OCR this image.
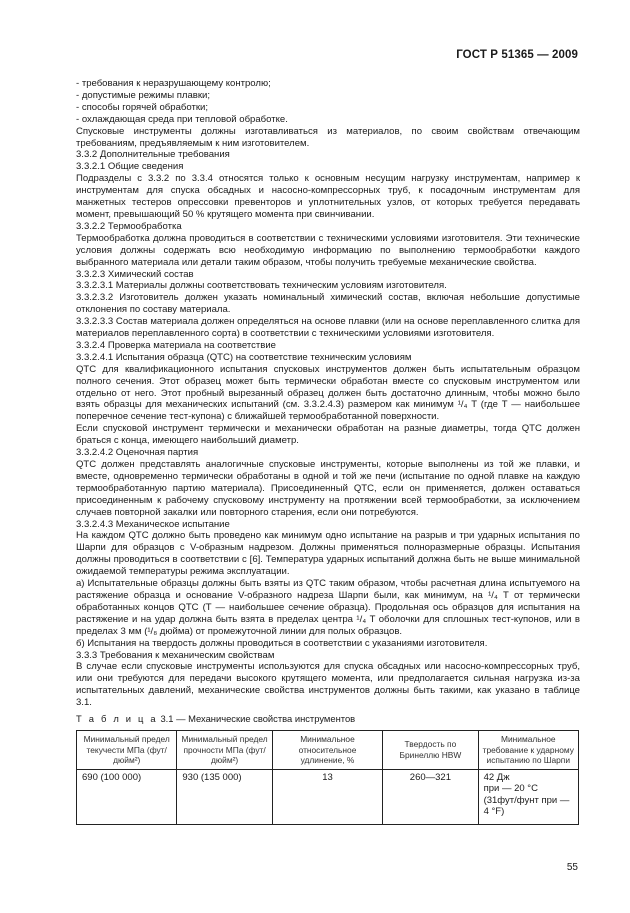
ГОСТ Р 51365 — 2009

- требования к неразрушающему контролю;

- допустимые режимы плавки;

- способы горячей обработки;

- охлаждающая среда при тепловой обработке.

Спусковые инструменты должны изготавливаться из материалов, по своим свойствам отвечающим требованиям, предъявляемым к ним изготовителем.

3.3.2 Дополнительные требования

3.3.2.1 Общие сведения

Подразделы с 3.3.2 по 3.3.4 относятся только к основным несущим нагрузку инструментам, например к инструментам для спуска обсадных и насосно-компрессорных труб, к посадочным инструментам для манжетных тестеров опрессовки превенторов и уплотнительных узлов, от которых требуется передавать момент, превышающий 50 % крутящего момента при свинчивании.

3.3.2.2 Термообработка

Термообработка должна проводиться в соответствии с техническими условиями изготовителя. Эти технические условия должны содержать всю необходимую информацию по выполнению термообработки каждого выбранного материала или детали таким образом, чтобы получить требуемые механические свойства.

3.3.2.3 Химический состав

3.3.2.3.1 Материалы должны соответствовать техническим условиям изготовителя.

3.3.2.3.2 Изготовитель должен указать номинальный химический состав, включая небольшие допустимые отклонения по составу материала.

3.3.2.3.3 Состав материала должен определяться на основе плавки (или на основе переплавленного слитка для материалов переплавленного сорта) в соответствии с техническими условиями изготовителя.

3.3.2.4 Проверка материала на соответствие

3.3.2.4.1 Испытания образца (QTC) на соответствие техническим условиям

QTC для квалификационного испытания спусковых инструментов должен быть испытательным образцом полного сечения. Этот образец может быть термически обработан вместе со спусковым инструментом или отдельно от него. Этот пробный вырезанный образец должен быть достаточно длинным, чтобы можно было взять образцы для механических испытаний (см. 3.3.2.4.3) размером как минимум ¹/₄ T (где T — наибольшее поперечное сечение тест-купона) с ближайшей термообработанной поверхности.

Если спусковой инструмент термически и механически обработан на разные диаметры, тогда QTC должен браться с конца, имеющего наибольший диаметр.

3.3.2.4.2 Оценочная партия

QTC должен представлять аналогичные спусковые инструменты, которые выполнены из той же плавки, и вместе, одновременно термически обработаны в одной и той же печи (испытание по одной плавке на каждую термообработанную партию материала). Присоединенный QTC, если он применяется, должен оставаться присоединенным к рабочему спусковому инструменту на протяжении всей термообработки, за исключением случаев повторной закалки или повторного старения, если они потребуются.

3.3.2.4.3 Механическое испытание

На каждом QTC должно быть проведено как минимум одно испытание на разрыв и три ударных испытания по Шарпи для образцов с V-образным надрезом. Должны применяться полноразмерные образцы. Испытания должны проводиться в соответствии с [6]. Температура ударных испытаний должна быть не выше минимальной ожидаемой температуры режима эксплуатации.

а) Испытательные образцы должны быть взяты из QTC таким образом, чтобы расчетная длина испытуемого на растяжение образца и основание V-образного надреза Шарпи были, как минимум, на ¹/₄ T от термически обработанных концов QTC (T — наибольшее сечение образца). Продольная ось образцов для испытания на растяжение и на удар должна быть взята в пределах центра ¹/₄ T оболочки для сплошных тест-купонов, или в пределах 3 мм (¹/₈ дюйма) от промежуточной линии для полых образцов.

б) Испытания на твердость должны проводиться в соответствии с указаниями изготовителя.

3.3.3 Требования к механическим свойствам

В случае если спусковые инструменты используются для спуска обсадных или насосно-компрессорных труб, или они требуются для передачи высокого крутящего момента, или предполагается сильная нагрузка из-за испытательных давлений, механические свойства инструментов должны быть такими, как указано в таблице 3.1.

Т а б л и ц а 3.1 — Механические свойства инструментов
Минимальный предел текучести МПа (фут/дюйм²)	Минимальный предел прочности МПа (фут/ дюйм²)	Минимальное относительное удлинение, %	Твердость по Бринеллю HBW	Минимальное требование к ударному испытанию по Шарпи
690 (100 000)	930 (135 000)	13	260—321	42 Дж
при — 20 °С
(31фут/фунт при — 4 °F)
55
